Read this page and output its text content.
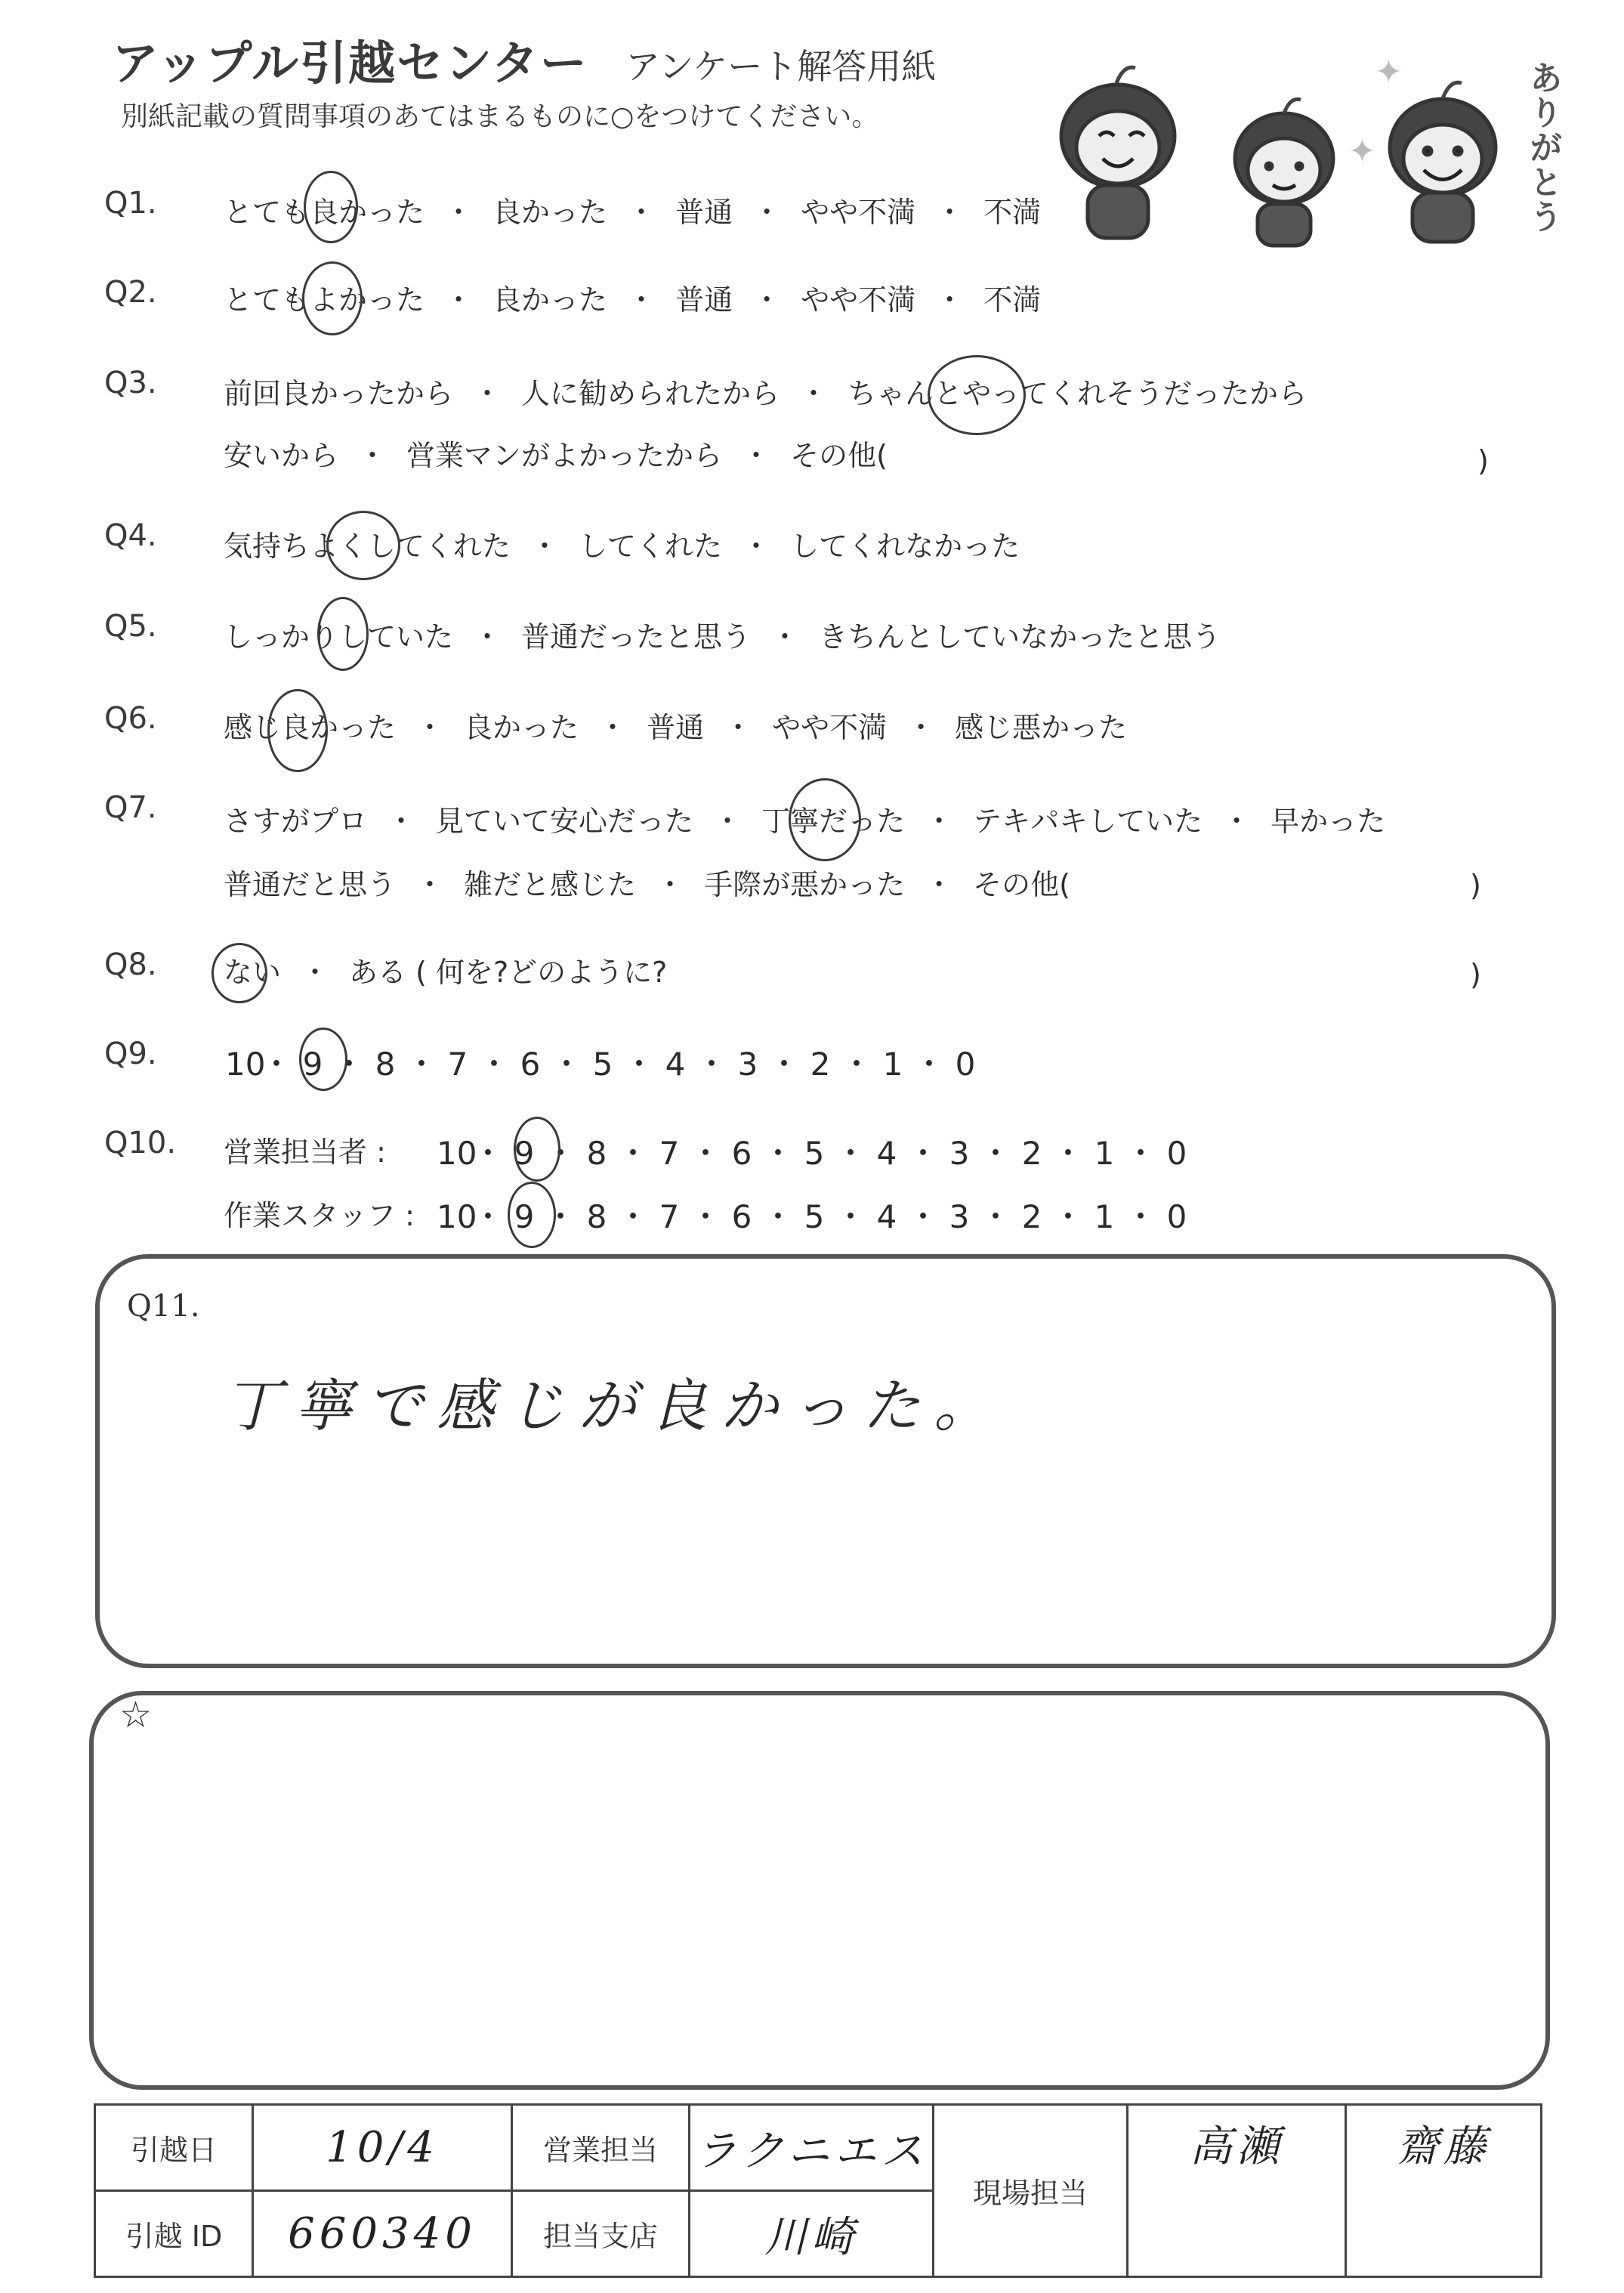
アップル引越センター アンケート解答用紙
別紙記載の質問事項のあてはまるものに○をつけてください。	ありがとう
✦
✦
Q1. とても良かった ・ 良かった ・ 普通 ・ やや不満 ・ 不満
Q2. とてもよかった ・ 良かった ・ 普通 ・ やや不満 ・ 不満
Q3. 前回良かったから ・ 人に勧められたから ・ ちゃんとやってくれそうだったから
安いから ・ 営業マンがよかったから ・ その他(	)
Q4. 気持ちよくしてくれた ・ してくれた ・ してくれなかった
Q5. しっかりしていた ・ 普通だったと思う ・ きちんとしていなかったと思う
Q6. 感じ良かった ・ 良かった ・ 普通 ・ やや不満 ・ 感じ悪かった
Q7. さすがプロ ・ 見ていて安心だった ・ 丁寧だった ・ テキパキしていた ・ 早かった
普通だと思う ・ 雑だと感じた ・ 手際が悪かった ・ その他(	)
Q8. ない ・ ある ( 何を?どのように?	)
Q9. 10・ 9 ・ 8 ・ 7 ・ 6 ・ 5 ・ 4 ・ 3 ・ 2 ・ 1 ・ 0
Q10. 営業担当者 : 10・ 9 ・ 8 ・ 7 ・ 6 ・ 5 ・ 4 ・ 3 ・ 2 ・ 1 ・ 0
作業スタッフ : 10・ 9 ・ 8 ・ 7 ・ 6 ・ 5 ・ 4 ・ 3 ・ 2 ・ 1 ・ 0
Q11.
丁寧で感じが良かった。
☆
引越日	10/4	営業担当	ラクニエス	現場担当	高瀬	齋藤
引越 ID	660340	担当支店	川崎			
